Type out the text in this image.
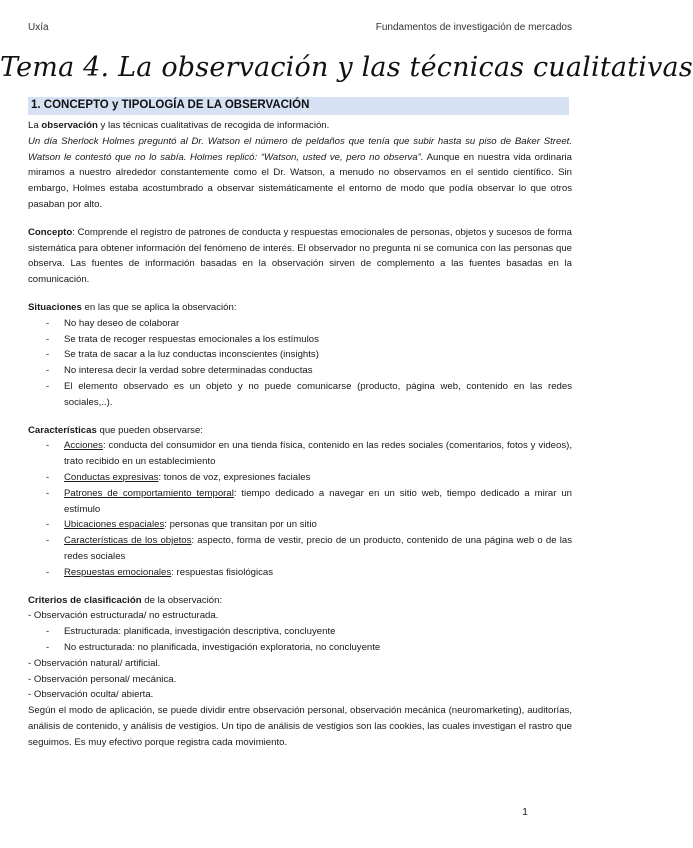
Uxía	Fundamentos de investigación de mercados
Tema 4. La observación y las técnicas cualitativas
1. CONCEPTO y TIPOLOGÍA DE LA OBSERVACIÓN

La observación y las técnicas cualitativas de recogida de información.

Un día Sherlock Holmes preguntó al Dr. Watson el número de peldaños que tenía que subir hasta su piso de Baker Street. Watson le contestó que no lo sabía. Holmes replicó: “Watson, usted ve, pero no observa”. Aunque en nuestra vida ordinaria miramos a nuestro alrededor constantemente como el Dr. Watson, a menudo no observamos en el sentido científico. Sin embargo, Holmes estaba acostumbrado a observar sistemáticamente el entorno de modo que podía observar lo que otros pasaban por alto.

Concepto: Comprende el registro de patrones de conducta y respuestas emocionales de personas, objetos y sucesos de forma sistemática para obtener información del fenómeno de interés. El observador no pregunta ni se comunica con las personas que observa. Las fuentes de información basadas en la observación sirven de complemento a las fuentes basadas en la comunicación.

Situaciones en las que se aplica la observación:

- No hay deseo de colaborar
- Se trata de recoger respuestas emocionales a los estímulos
- Se trata de sacar a la luz conductas inconscientes (insights)
- No interesa decir la verdad sobre determinadas conductas
- El elemento observado es un objeto y no puede comunicarse (producto, página web, contenido en las redes sociales,..).

Características que pueden observarse:

- Acciones: conducta del consumidor en una tienda física, contenido en las redes sociales (comentarios, fotos y videos), trato recibido en un establecimiento
- Conductas expresivas: tonos de voz, expresiones faciales
- Patrones de comportamiento temporal: tiempo dedicado a navegar en un sitio web, tiempo dedicado a mirar un estímulo
- Ubicaciones espaciales: personas que transitan por un sitio
- Características de los objetos: aspecto, forma de vestir, precio de un producto, contenido de una página web o de las redes sociales
- Respuestas emocionales: respuestas fisiológicas

Criterios de clasificación de la observación:

- Observación estructurada/ no estructurada.

- Estructurada: planificada, investigación descriptiva, concluyente
- No estructurada: no planificada, investigación exploratoria, no concluyente

- Observación natural/ artificial.

- Observación personal/ mecánica.

- Observación oculta/ abierta.

Según el modo de aplicación, se puede dividir entre observación personal, observación mecánica (neuromarketing), auditorías, análisis de contenido, y análisis de vestigios. Un tipo de análisis de vestigios son las cookies, las cuales investigan el rastro que seguimos. Es muy efectivo porque registra cada movimiento.

1
